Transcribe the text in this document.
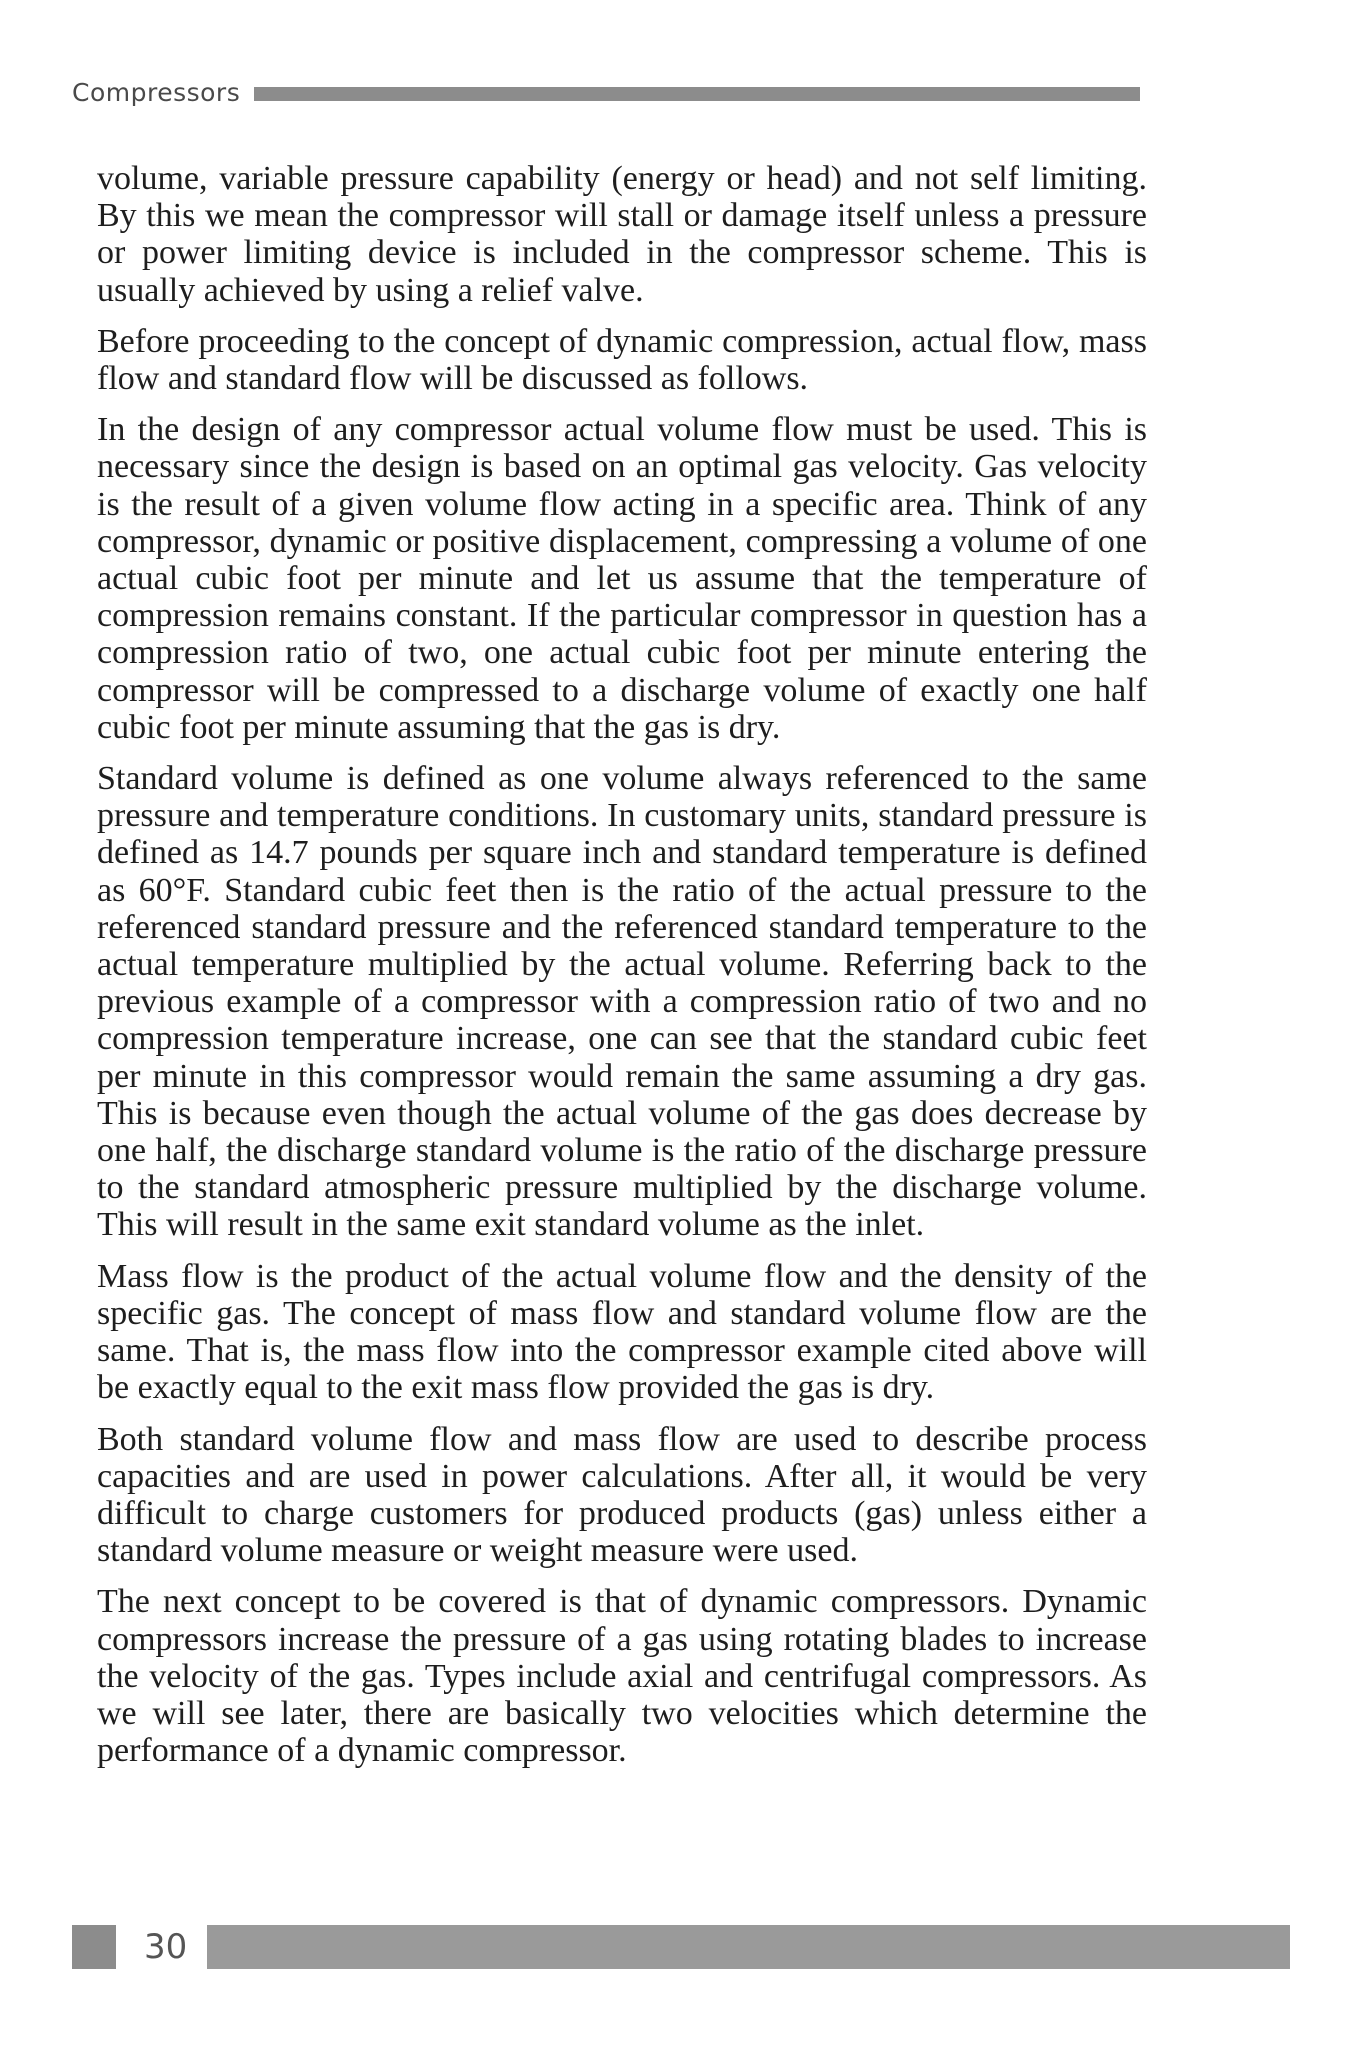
Compressors

volume, variable pressure capability (energy or head) and not self limiting. By this we mean the compressor will stall or damage itself unless a pressure or power limiting device is included in the compressor scheme. This is usually achieved by using a relief valve.

Before proceeding to the concept of dynamic compression, actual flow, mass flow and standard flow will be discussed as follows.

In the design of any compressor actual volume flow must be used. This is necessary since the design is based on an optimal gas velocity. Gas velocity is the result of a given volume flow acting in a specific area. Think of any compressor, dynamic or positive displacement, compressing a volume of one actual cubic foot per minute and let us assume that the temperature of compression remains constant. If the particular compressor in question has a compression ratio of two, one actual cubic foot per minute entering the compressor will be compressed to a discharge volume of exactly one half cubic foot per minute assuming that the gas is dry.

Standard volume is defined as one volume always referenced to the same pressure and temperature conditions. In customary units, standard pressure is defined as 14.7 pounds per square inch and standard temperature is defined as 60°F. Standard cubic feet then is the ratio of the actual pressure to the referenced standard pressure and the referenced standard temperature to the actual temperature multiplied by the actual volume. Referring back to the previous example of a compressor with a compression ratio of two and no compression temperature increase, one can see that the standard cubic feet per minute in this compressor would remain the same assuming a dry gas. This is because even though the actual volume of the gas does decrease by one half, the discharge standard volume is the ratio of the discharge pressure to the standard atmospheric pressure multiplied by the discharge volume. This will result in the same exit standard volume as the inlet.

Mass flow is the product of the actual volume flow and the density of the specific gas. The concept of mass flow and standard volume flow are the same. That is, the mass flow into the compressor example cited above will be exactly equal to the exit mass flow provided the gas is dry.

Both standard volume flow and mass flow are used to describe process capacities and are used in power calculations. After all, it would be very difficult to charge customers for produced products (gas) unless either a standard volume measure or weight measure were used.

The next concept to be covered is that of dynamic compressors. Dynamic compressors increase the pressure of a gas using rotating blades to increase the velocity of the gas. Types include axial and centrifugal compressors. As we will see later, there are basically two velocities which determine the performance of a dynamic compressor.

30
